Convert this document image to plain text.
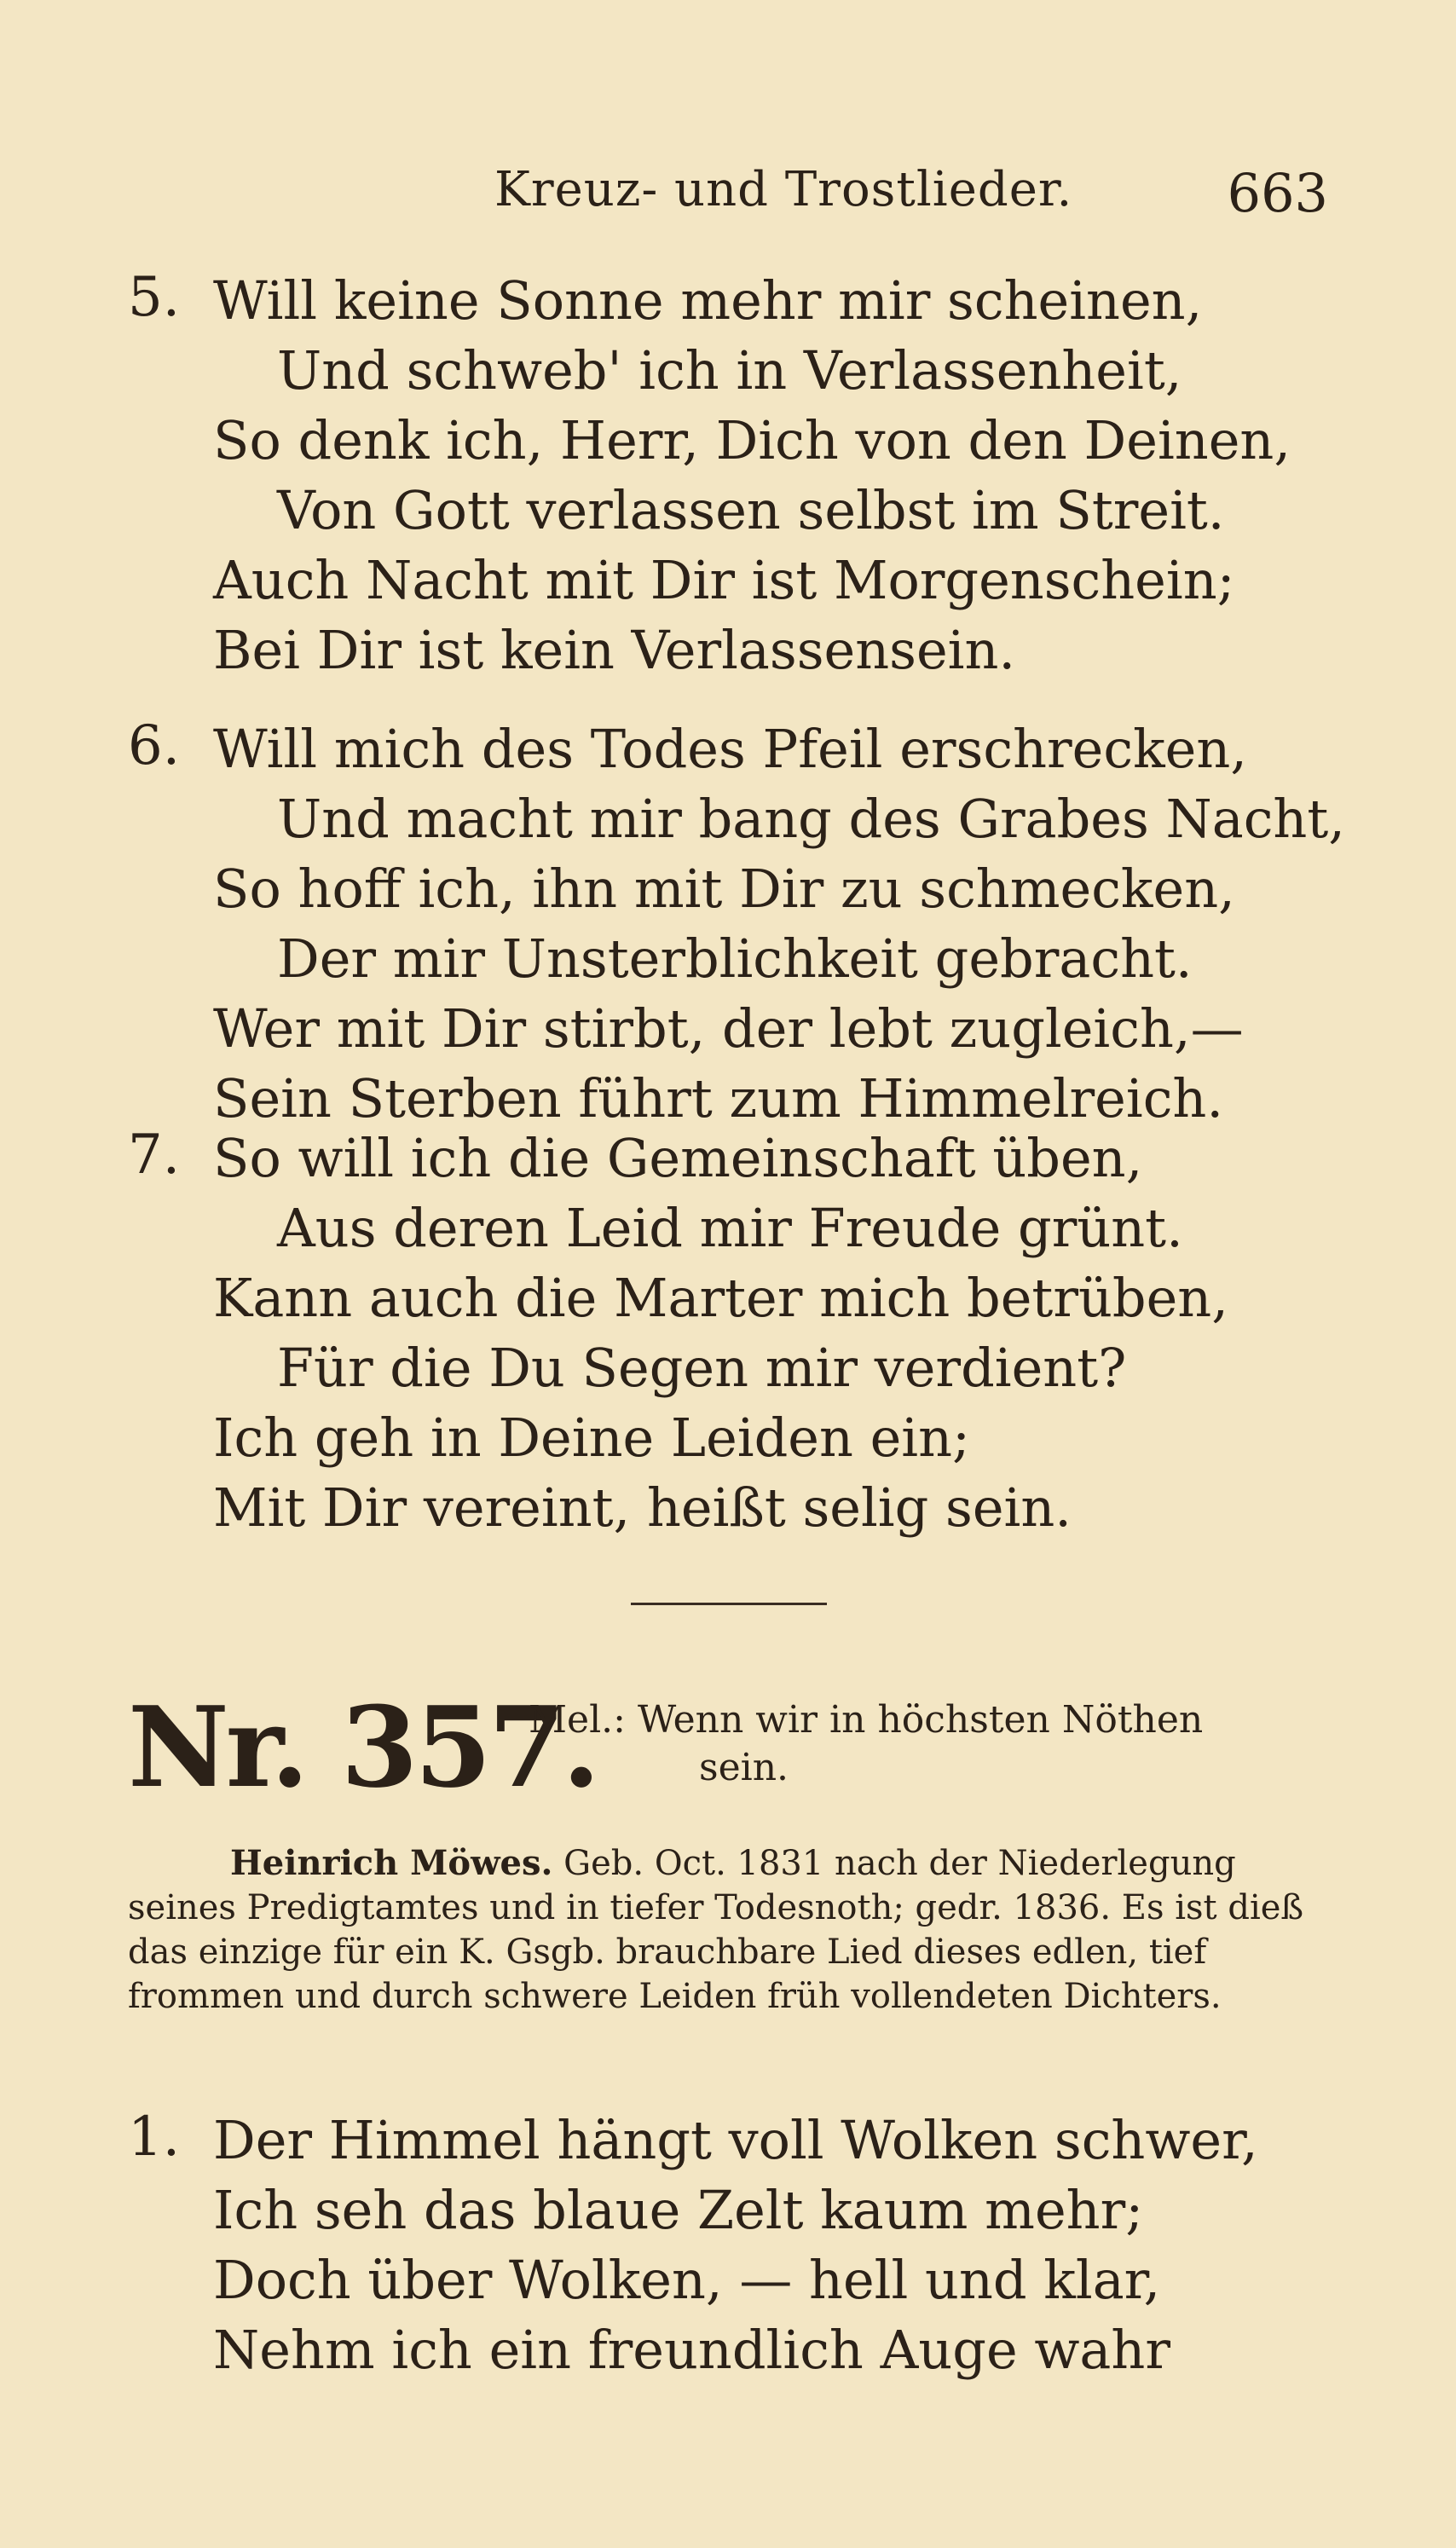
Kreuz- und Trostlieder.	663
5. Will keine Sonne mehr mir scheinen,
Und schweb' ich in Verlassenheit,
So denk ich, Herr, Dich von den Deinen,
Von Gott verlassen selbst im Streit.
Auch Nacht mit Dir ist Morgenschein;
Bei Dir ist kein Verlassensein.
6. Will mich des Todes Pfeil erschrecken,
Und macht mir bang des Grabes Nacht,
So hoff ich, ihn mit Dir zu schmecken,
Der mir Unsterblichkeit gebracht.
Wer mit Dir stirbt, der lebt zugleich,—
Sein Sterben führt zum Himmelreich.
7. So will ich die Gemeinschaft üben,
Aus deren Leid mir Freude grünt.
Kann auch die Marter mich betrüben,
Für die Du Segen mir verdient?
Ich geh in Deine Leiden ein;
Mit Dir vereint, heißt selig sein.
Nr. 357.
Mel.: Wenn wir in höchsten Nöthen
sein.
Heinrich Möwes. Geb. Oct. 1831 nach der Niederlegung seines Predigtamtes und in tiefer Todesnoth; gedr. 1836. Es ist dieß das einzige für ein K. Gsgb. brauchbare Lied dieses edlen, tief frommen und durch schwere Leiden früh vollendeten Dichters.
1. Der Himmel hängt voll Wolken schwer,
Ich seh das blaue Zelt kaum mehr;
Doch über Wolken, — hell und klar,
Nehm ich ein freundlich Auge wahr
